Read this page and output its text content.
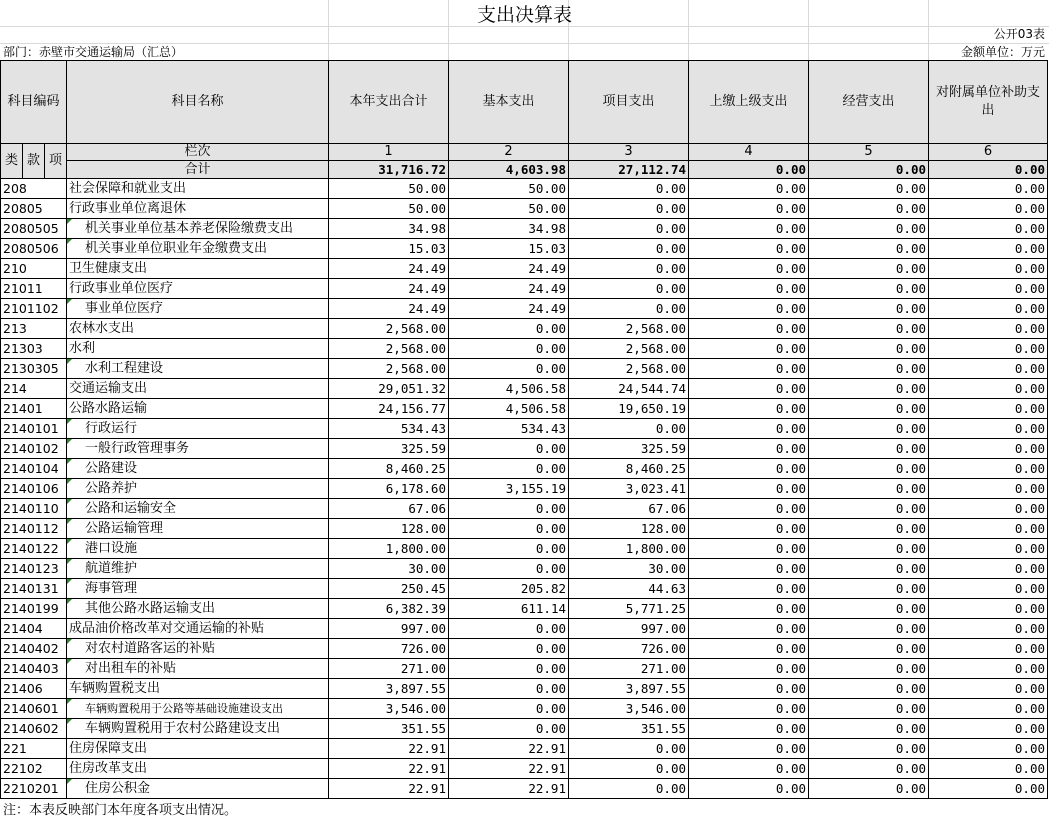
支出决算表
公开03表
部门：赤壁市交通运输局（汇总）	金额单位：万元
科目编码			科目名称	本年支出合计	基本支出	项目支出	上缴上级支出	经营支出	对附属单位补助支出
类	款	项	栏次	1	2	3	4	5	6
			合计	31,716.72	4,603.98	27,112.74	0.00	0.00	0.00
208			社会保障和就业支出	50.00	50.00	0.00	0.00	0.00	0.00
20805			行政事业单位离退休	50.00	50.00	0.00	0.00	0.00	0.00
2080505			机关事业单位基本养老保险缴费支出	34.98	34.98	0.00	0.00	0.00	0.00
2080506			机关事业单位职业年金缴费支出	15.03	15.03	0.00	0.00	0.00	0.00
210			卫生健康支出	24.49	24.49	0.00	0.00	0.00	0.00
21011			行政事业单位医疗	24.49	24.49	0.00	0.00	0.00	0.00
2101102			事业单位医疗	24.49	24.49	0.00	0.00	0.00	0.00
213			农林水支出	2,568.00	0.00	2,568.00	0.00	0.00	0.00
21303			水利	2,568.00	0.00	2,568.00	0.00	0.00	0.00
2130305			水利工程建设	2,568.00	0.00	2,568.00	0.00	0.00	0.00
214			交通运输支出	29,051.32	4,506.58	24,544.74	0.00	0.00	0.00
21401			公路水路运输	24,156.77	4,506.58	19,650.19	0.00	0.00	0.00
2140101			行政运行	534.43	534.43	0.00	0.00	0.00	0.00
2140102			一般行政管理事务	325.59	0.00	325.59	0.00	0.00	0.00
2140104			公路建设	8,460.25	0.00	8,460.25	0.00	0.00	0.00
2140106			公路养护	6,178.60	3,155.19	3,023.41	0.00	0.00	0.00
2140110			公路和运输安全	67.06	0.00	67.06	0.00	0.00	0.00
2140112			公路运输管理	128.00	0.00	128.00	0.00	0.00	0.00
2140122			港口设施	1,800.00	0.00	1,800.00	0.00	0.00	0.00
2140123			航道维护	30.00	0.00	30.00	0.00	0.00	0.00
2140131			海事管理	250.45	205.82	44.63	0.00	0.00	0.00
2140199			其他公路水路运输支出	6,382.39	611.14	5,771.25	0.00	0.00	0.00
21404			成品油价格改革对交通运输的补贴	997.00	0.00	997.00	0.00	0.00	0.00
2140402			对农村道路客运的补贴	726.00	0.00	726.00	0.00	0.00	0.00
2140403			对出租车的补贴	271.00	0.00	271.00	0.00	0.00	0.00
21406			车辆购置税支出	3,897.55	0.00	3,897.55	0.00	0.00	0.00
2140601			车辆购置税用于公路等基础设施建设支出	3,546.00	0.00	3,546.00	0.00	0.00	0.00
2140602			车辆购置税用于农村公路建设支出	351.55	0.00	351.55	0.00	0.00	0.00
221			住房保障支出	22.91	22.91	0.00	0.00	0.00	0.00
22102			住房改革支出	22.91	22.91	0.00	0.00	0.00	0.00
2210201			住房公积金	22.91	22.91	0.00	0.00	0.00	0.00
注：本表反映部门本年度各项支出情况。
